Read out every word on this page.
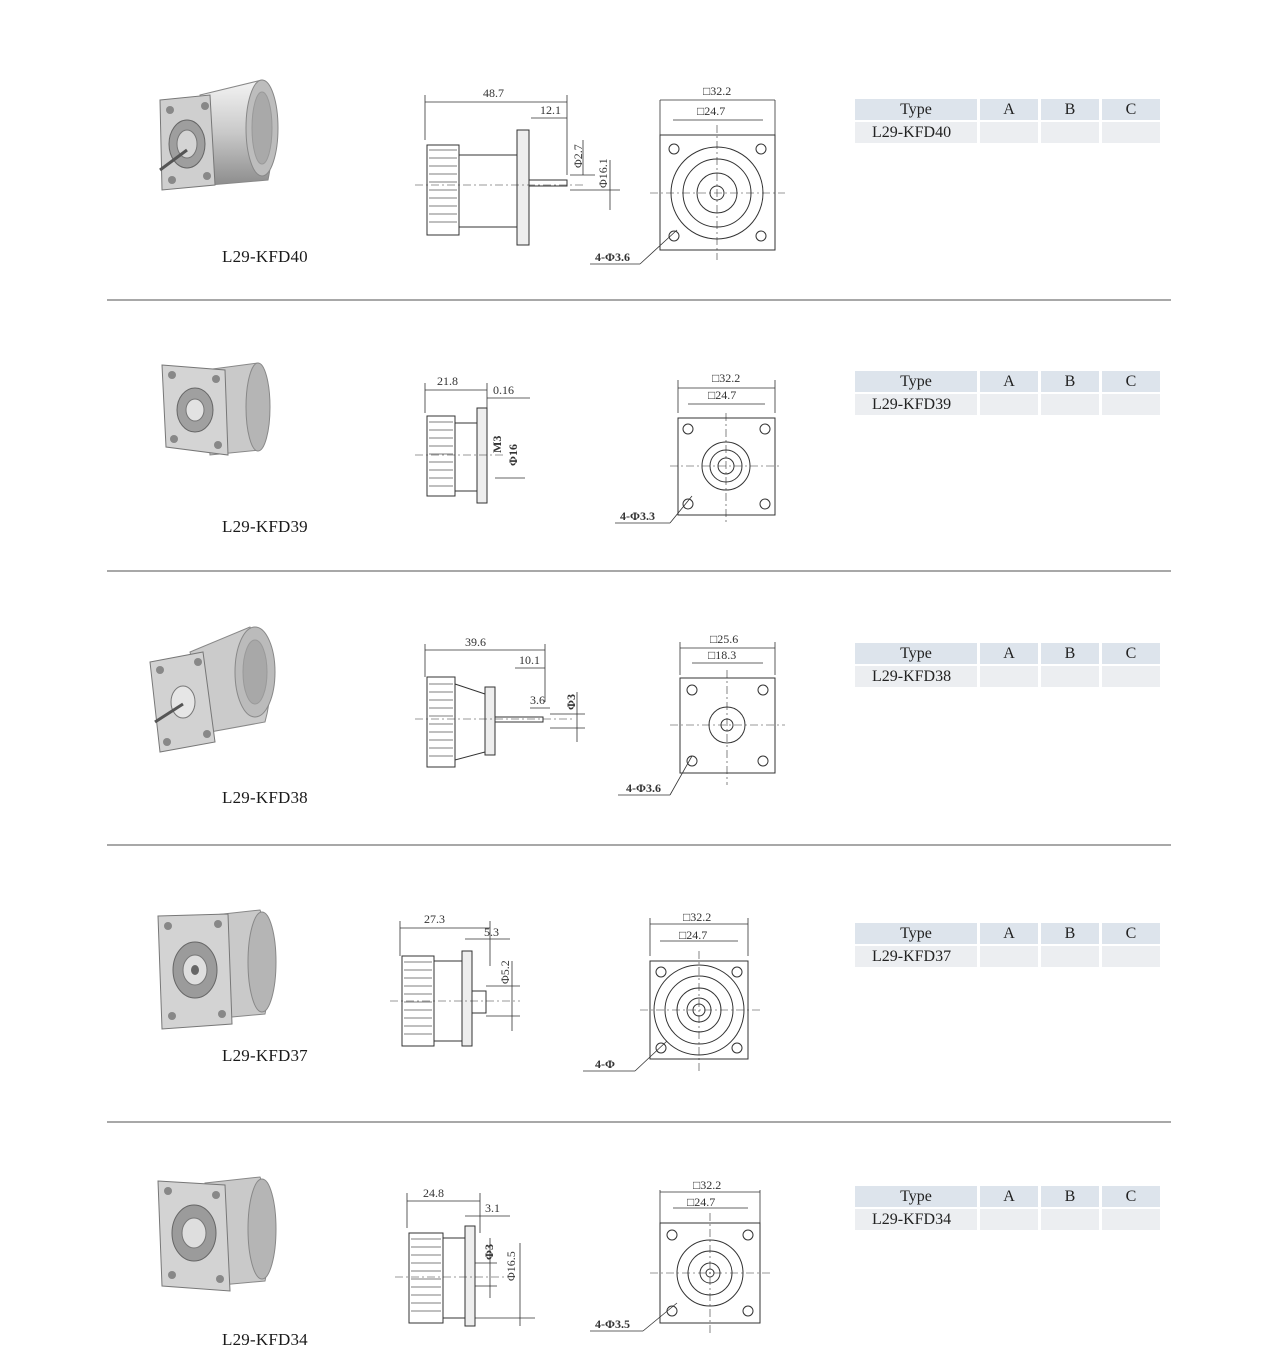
L29-KFD40
48.7
12.1
Φ2.7
Φ16.1
□32.2
□24.7
4-Φ3.6
Type	A	B	C
L29-KFD40			
L29-KFD39
21.8
0.16
M3 Φ16
□32.2
□24.7
4-Φ3.3
Type	A	B	C
L29-KFD39			
L29-KFD38
39.6
10.1
3.6 Φ3
□25.6
□18.3
4-Φ3.6
Type	A	B	C
L29-KFD38			
L29-KFD37
27.3
5.3
Φ5.2
□32.2
□24.7
4-Φ
Type	A	B	C
L29-KFD37			
L29-KFD34
24.8
3.1
Φ3 Φ16.5
□32.2
□24.7
4-Φ3.5
Type	A	B	C
L29-KFD34			
